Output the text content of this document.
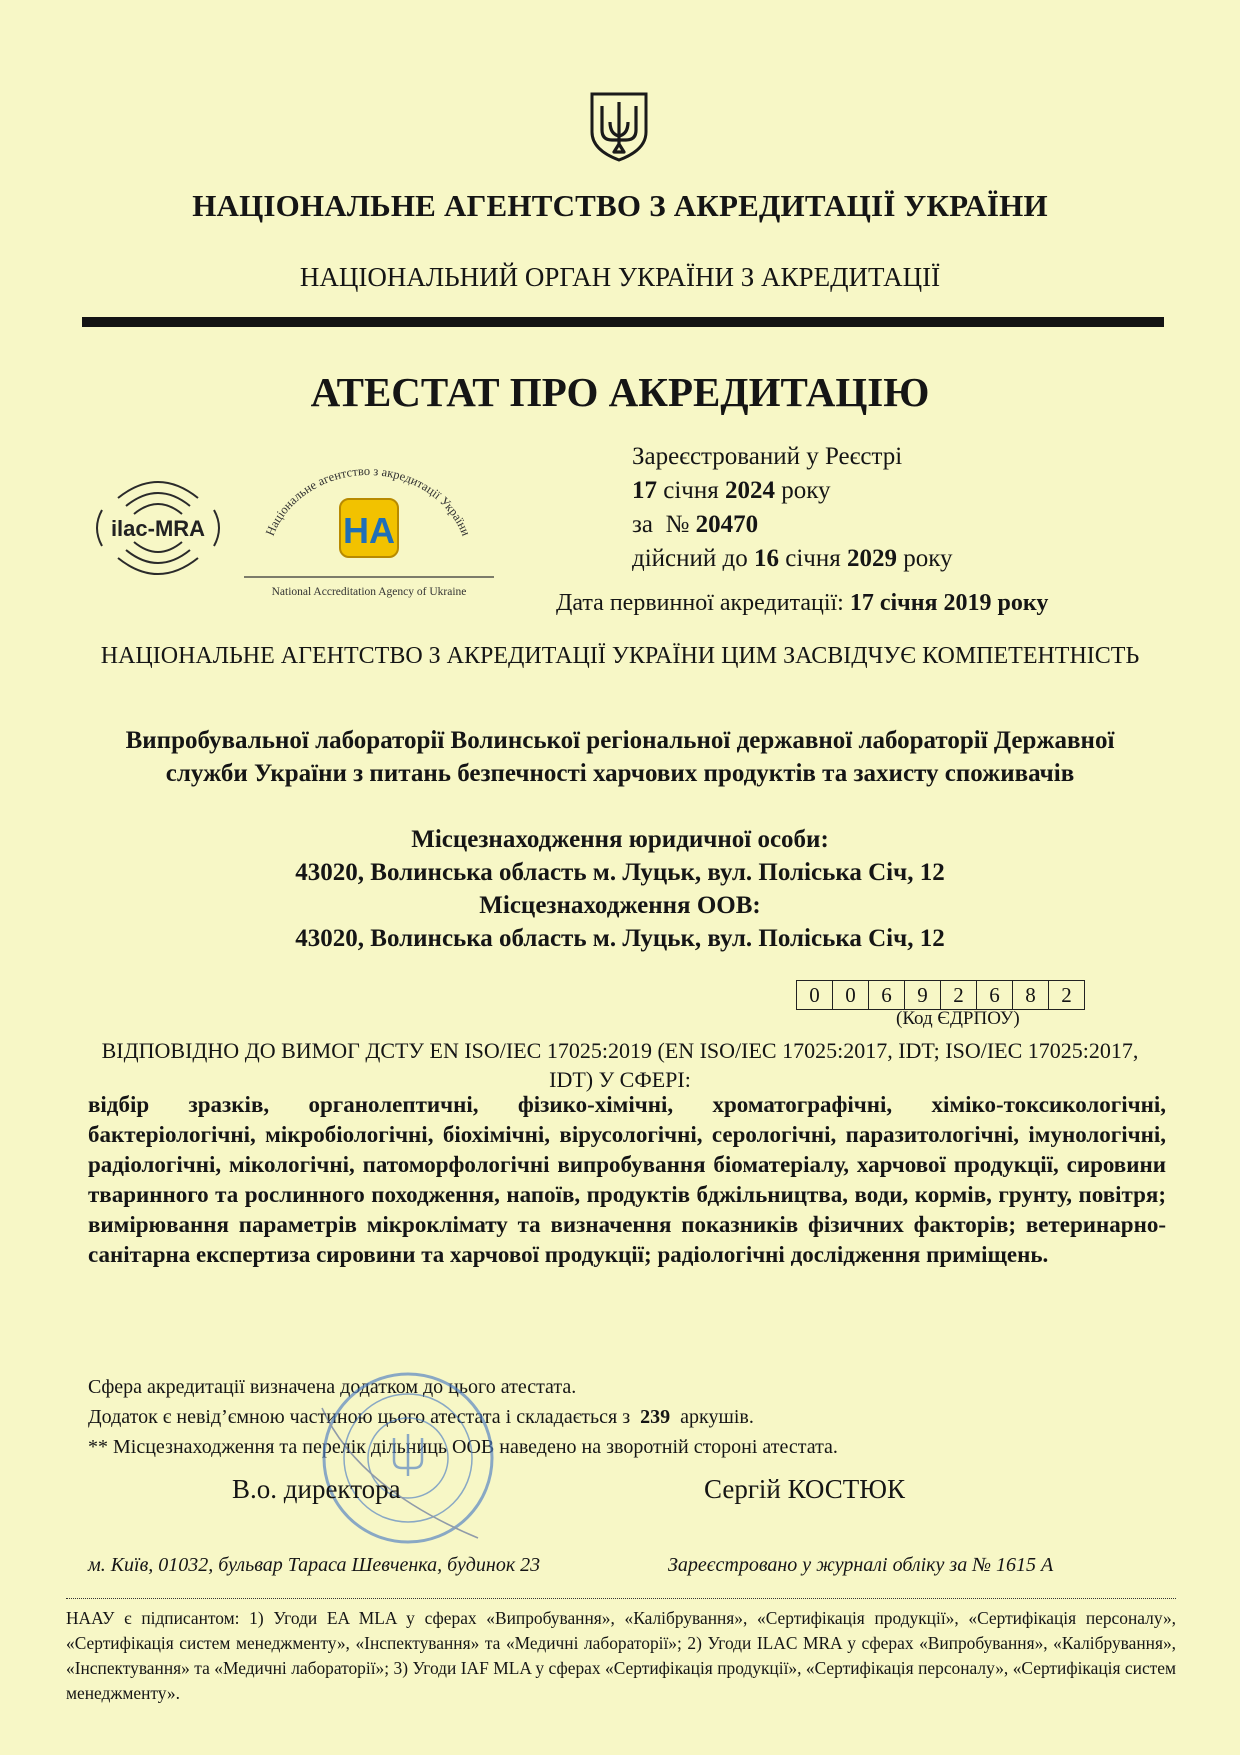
НАЦІОНАЛЬНЕ АГЕНТСТВО З АКРЕДИТАЦІЇ УКРАЇНИ
НАЦІОНАЛЬНИЙ ОРГАН УКРАЇНИ З АКРЕДИТАЦІЇ
АТЕСТАТ ПРО АКРЕДИТАЦІЮ
ilac-MRA	Національне агентство з акредитації України
НА
National Accreditation Agency of Ukraine
Зареєстрований у Реєстрі
17 січня 2024 року
за № 20470
дійсний до 16 січня 2029 року
Дата первинної акредитації: 17 січня 2019 року
НАЦІОНАЛЬНЕ АГЕНТСТВО З АКРЕДИТАЦІЇ УКРАЇНИ ЦИМ ЗАСВІДЧУЄ КОМПЕТЕНТНІСТЬ
Випробувальної лабораторії Волинської регіональної державної лабораторії Державної служби України з питань безпечності харчових продуктів та захисту споживачів
Місцезнаходження юридичної особи:
43020, Волинська область м. Луцьк, вул. Поліська Січ, 12
Місцезнаходження ООВ:
43020, Волинська область м. Луцьк, вул. Поліська Січ, 12
0	0	6	9	2	6	8	2
(Код ЄДРПОУ)
ВІДПОВІДНО ДО ВИМОГ ДСТУ EN ISO/IEC 17025:2019 (EN ISO/IEC 17025:2017, IDT; ISO/IEC 17025:2017, IDT) У СФЕРІ:
відбір зразків, органолептичні, фізико-хімічні, хроматографічні, хіміко-токсикологічні, бактеріологічні, мікробіологічні, біохімічні, вірусологічні, серологічні, паразитологічні, імунологічні, радіологічні, мікологічні, патоморфологічні випробування біоматеріалу, харчової продукції, сировини тваринного та рослинного походження, напоїв, продуктів бджільництва, води, кормів, грунту, повітря; вимірювання параметрів мікроклімату та визначення показників фізичних факторів; ветеринарно-санітарна експертиза сировини та харчової продукції; радіологічні дослідження приміщень.
Сфера акредитації визначена додатком до цього атестата.
Додаток є невід’ємною частиною цього атестата і складається з 239 аркушів.
** Місцезнаходження та перелік дільниць ООВ наведено на зворотній стороні атестата.
В.о. директора	Сергій КОСТЮК
м. Київ, 01032, бульвар Тараса Шевченка, будинок 23	Зареєстровано у журналі обліку за № 1615 А
НААУ є підписантом: 1) Угоди EA MLA у сферах «Випробування», «Калібрування», «Сертифікація продукції», «Сертифікація персоналу», «Сертифікація систем менеджменту», «Інспектування» та «Медичні лабораторії»; 2) Угоди ILAC MRA у сферах «Випробування», «Калібрування», «Інспектування» та «Медичні лабораторії»; 3) Угоди IAF MLA у сферах «Сертифікація продукції», «Сертифікація персоналу», «Сертифікація систем менеджменту».
